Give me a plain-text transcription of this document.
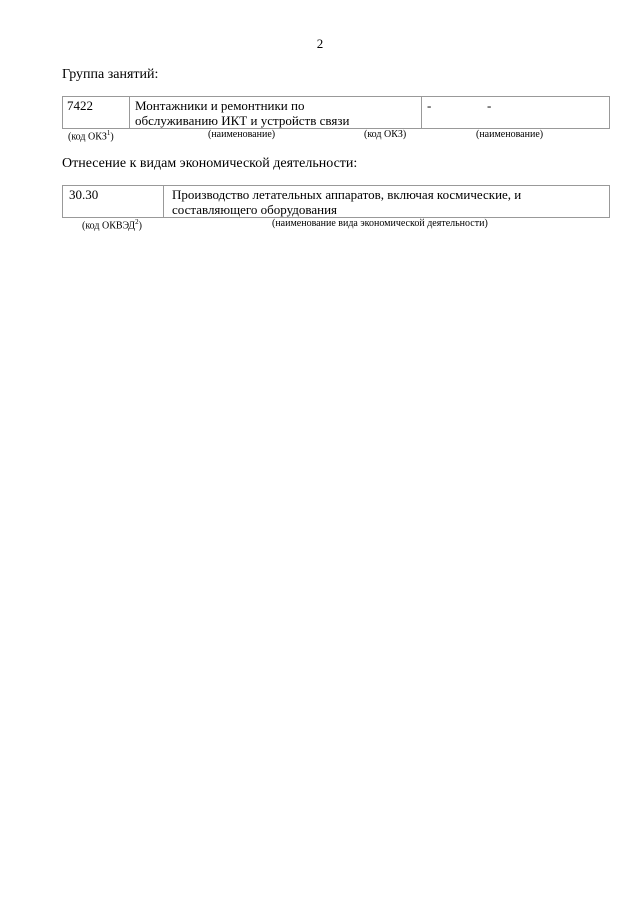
2
Группа занятий:
7422	Монтажники и ремонтники по
обслуживанию ИКТ и устройств связи
-	-
(код ОКЗ$^1$)	(наименование)	(код ОКЗ)	(наименование)
Отнесение к видам экономической деятельности:
30.30	Производство летательных аппаратов, включая космические, и
составляющего оборудования
(код ОКВЭД$^2$)	(наименование вида экономической деятельности)
